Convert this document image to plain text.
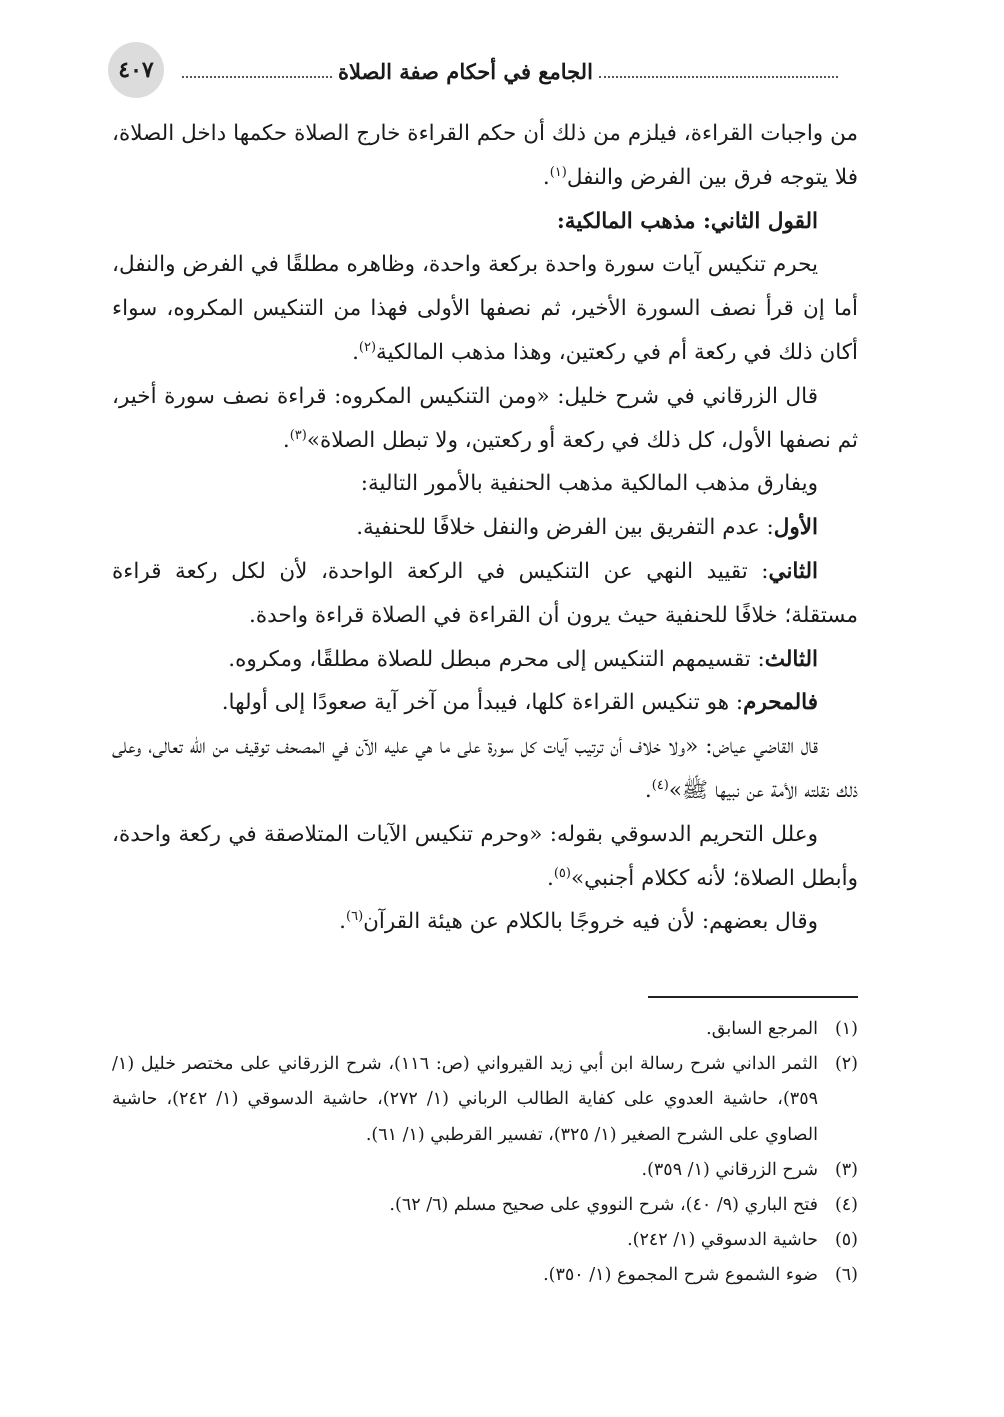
٤٠٧	الجامع في أحكام صفة الصلاة

من واجبات القراءة، فيلزم من ذلك أن حكم القراءة خارج الصلاة حكمها داخل الصلاة، فلا يتوجه فرق بين الفرض والنفل$^{(١)}$.

القول الثاني: مذهب المالكية:

يحرم تنكيس آيات سورة واحدة بركعة واحدة، وظاهره مطلقًا في الفرض والنفل، أما إن قرأ نصف السورة الأخير، ثم نصفها الأولى فهذا من التنكيس المكروه، سواء أكان ذلك في ركعة أم في ركعتين، وهذا مذهب المالكية$^{(٢)}$.

قال الزرقاني في شرح خليل: «ومن التنكيس المكروه: قراءة نصف سورة أخير، ثم نصفها الأول، كل ذلك في ركعة أو ركعتين، ولا تبطل الصلاة»$^{(٣)}$.

ويفارق مذهب المالكية مذهب الحنفية بالأمور التالية:

الأول: عدم التفريق بين الفرض والنفل خلافًا للحنفية.

الثاني: تقييد النهي عن التنكيس في الركعة الواحدة، لأن لكل ركعة قراءة مستقلة؛ خلافًا للحنفية حيث يرون أن القراءة في الصلاة قراءة واحدة.

الثالث: تقسيمهم التنكيس إلى محرم مبطل للصلاة مطلقًا، ومكروه.

فالمحرم: هو تنكيس القراءة كلها، فيبدأ من آخر آية صعودًا إلى أولها.

قال القاضي عياض: «ولا خلاف أن ترتيب آيات كل سورة على ما هي عليه الآن في المصحف توقيف من الله تعالى، وعلى ذلك نقلته الأمة عن نبيها ﷺ»$^{(٤)}$.

وعلل التحريم الدسوقي بقوله: «وحرم تنكيس الآيات المتلاصقة في ركعة واحدة، وأبطل الصلاة؛ لأنه ككلام أجنبي»$^{(٥)}$.

وقال بعضهم: لأن فيه خروجًا بالكلام عن هيئة القرآن$^{(٦)}$.

(١)
المرجع السابق.
(٢)
الثمر الداني شرح رسالة ابن أبي زيد القيرواني (ص: ١١٦)، شرح الزرقاني على مختصر خليل (١/ ٣٥٩)، حاشية العدوي على كفاية الطالب الرباني (١/ ٢٧٢)، حاشية الدسوقي (١/ ٢٤٢)، حاشية الصاوي على الشرح الصغير (١/ ٣٢٥)، تفسير القرطبي (١/ ٦١).
(٣)
شرح الزرقاني (١/ ٣٥٩).
(٤)
فتح الباري (٩/ ٤٠)، شرح النووي على صحيح مسلم (٦/ ٦٢).
(٥)
حاشية الدسوقي (١/ ٢٤٢).
(٦)
ضوء الشموع شرح المجموع (١/ ٣٥٠).
